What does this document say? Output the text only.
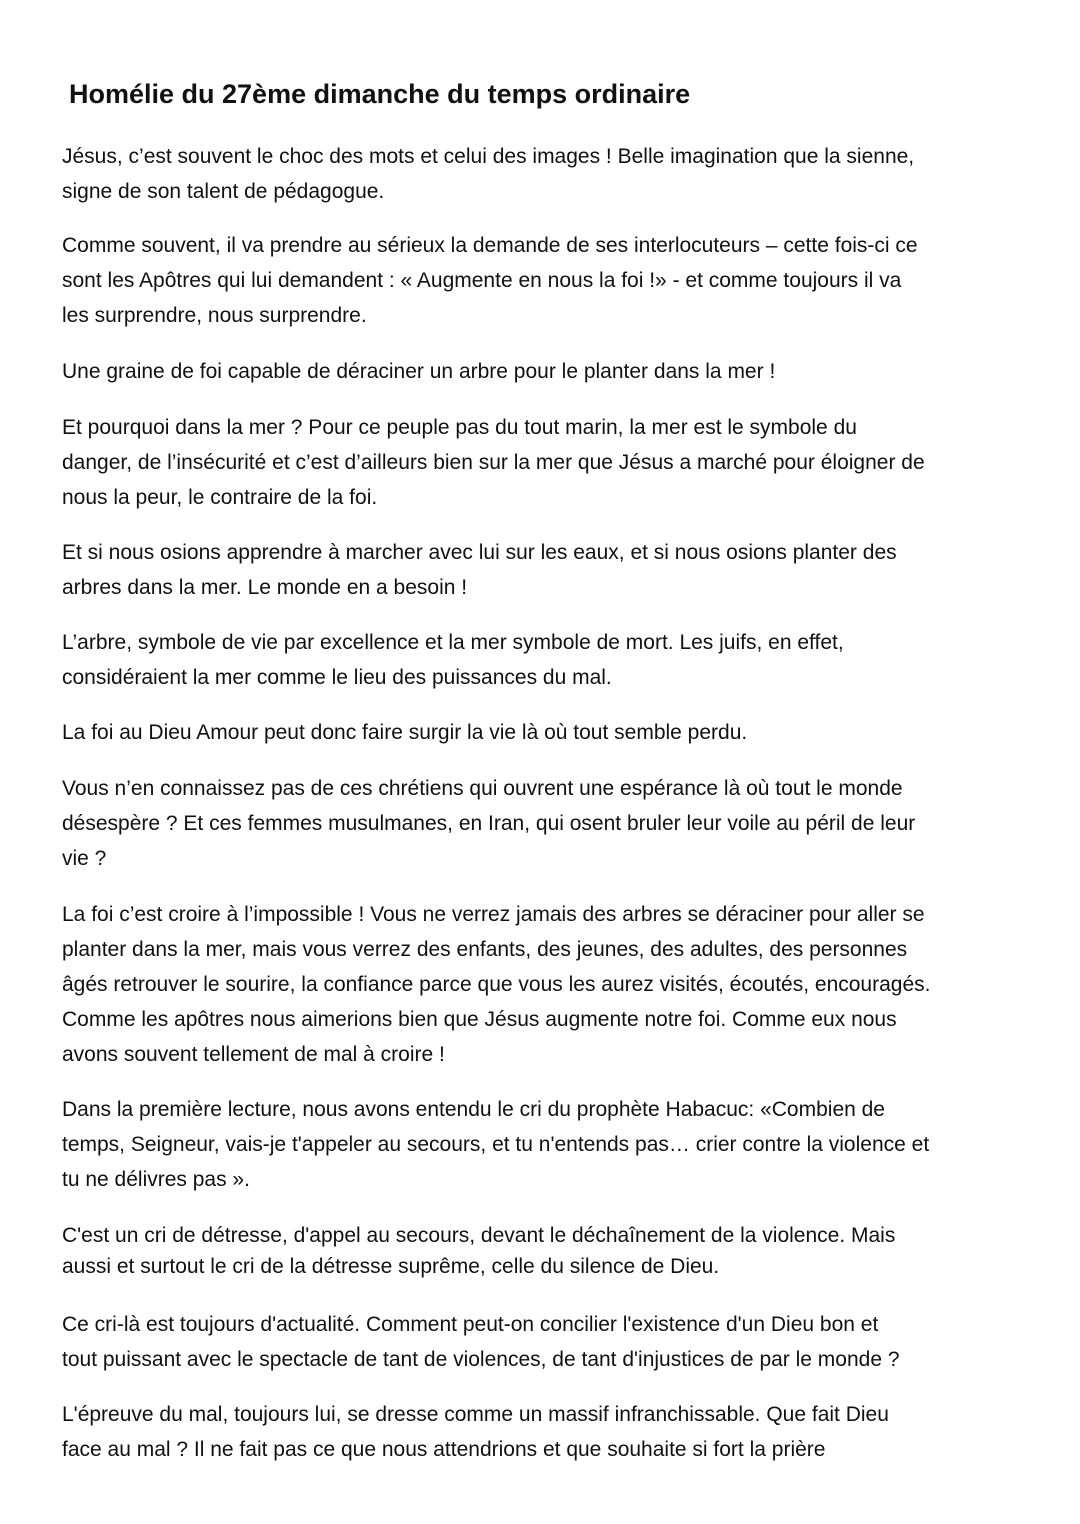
Homélie du 27ème dimanche du temps ordinaire

Jésus, c’est souvent le choc des mots et celui des images ! Belle imagination que la sienne,
signe de son talent de pédagogue.

Comme souvent, il va prendre au sérieux la demande de ses interlocuteurs – cette fois-ci ce
sont les Apôtres qui lui demandent : « Augmente en nous la foi !» - et comme toujours il va
les surprendre, nous surprendre.

Une graine de foi capable de déraciner un arbre pour le planter dans la mer !

Et pourquoi dans la mer ? Pour ce peuple pas du tout marin, la mer est le symbole du
danger, de l’insécurité et c’est d’ailleurs bien sur la mer que Jésus a marché pour éloigner de
nous la peur, le contraire de la foi.

Et si nous osions apprendre à marcher avec lui sur les eaux, et si nous osions planter des
arbres dans la mer. Le monde en a besoin !

L’arbre, symbole de vie par excellence et la mer symbole de mort. Les juifs, en effet,
considéraient la mer comme le lieu des puissances du mal.

La foi au Dieu Amour peut donc faire surgir la vie là où tout semble perdu.

Vous n’en connaissez pas de ces chrétiens qui ouvrent une espérance là où tout le monde
désespère ? Et ces femmes musulmanes, en Iran, qui osent bruler leur voile au péril de leur
vie ?

La foi c’est croire à l’impossible ! Vous ne verrez jamais des arbres se déraciner pour aller se
planter dans la mer, mais vous verrez des enfants, des jeunes, des adultes, des personnes
âgés retrouver le sourire, la confiance parce que vous les aurez visités, écoutés, encouragés.
Comme les apôtres nous aimerions bien que Jésus augmente notre foi. Comme eux nous
avons souvent tellement de mal à croire !

Dans la première lecture, nous avons entendu le cri du prophète Habacuc: «Combien de
temps, Seigneur, vais-je t'appeler au secours, et tu n'entends pas… crier contre la violence et
tu ne délivres pas ».

C'est un cri de détresse, d'appel au secours, devant le déchaînement de la violence. Mais
aussi et surtout le cri de la détresse suprême, celle du silence de Dieu.

Ce cri-là est toujours d'actualité. Comment peut-on concilier l'existence d'un Dieu bon et
tout puissant avec le spectacle de tant de violences, de tant d'injustices de par le monde ?

L'épreuve du mal, toujours lui, se dresse comme un massif infranchissable. Que fait Dieu
face au mal ? Il ne fait pas ce que nous attendrions et que souhaite si fort la prière
